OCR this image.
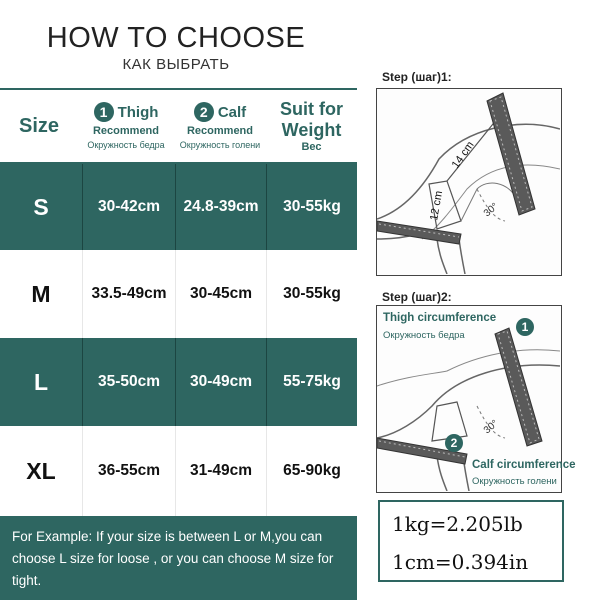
HOW TO CHOOSE
КАК ВЫБРАТЬ
Size
1 Thigh
Recommend
Окружность бедра
2 Calf
Recommend
Окружность голени
Suit for
Weight
Вес
S	30-42cm	24.8-39cm	30-55kg
M	33.5-49cm	30-45cm	30-55kg
L	35-50cm	30-49cm	55-75kg
XL	36-55cm	31-49cm	65-90kg
For Example: If your size is between L or M,you can choose L size for loose , or you can choose M size for tight.
Step (шаг)1:
14 cm
12 cm	30°
Step (шаг)2:
30°
Thigh circumference
Окружность бедра
1
2
Calf circumference
Окружность голени
1kg=2.205lb
1cm=0.394in
